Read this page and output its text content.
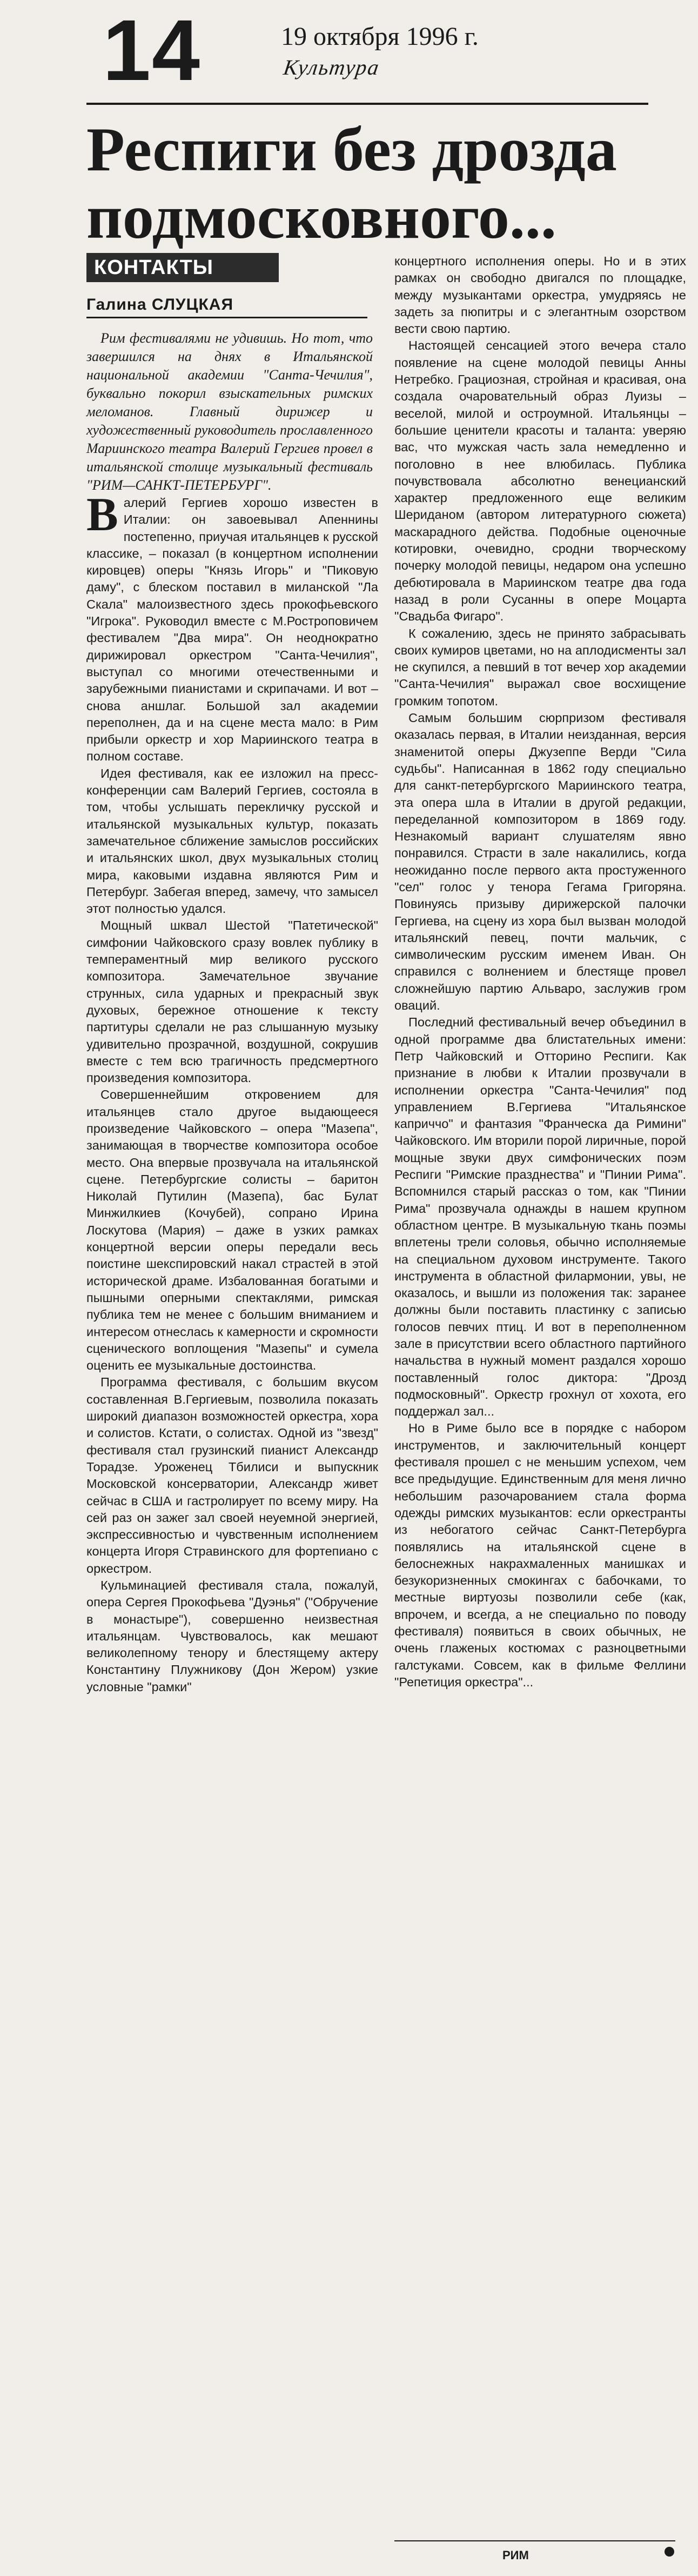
14	19 октября 1996 г.
Культура
Респиги без дрозда подмосковного...
КОНТАКТЫ
Галина СЛУЦКАЯ
Рим фестивалями не удивишь. Но тот, что завершился на днях в Итальянской национальной академии "Санта-Чечилия", буквально покорил взыскательных римских меломанов. Главный дирижер и художественный руководитель прославленного Мариинского театра Валерий Гергиев провел в итальянской столице музыкальный фестиваль "РИМ—САНКТ-ПЕТЕРБУРГ".

Валерий Гергиев хорошо известен в Италии: он завоевывал Апеннины постепенно, приучая итальянцев к русской классике, – показал (в концертном исполнении кировцев) оперы "Князь Игорь" и "Пиковую даму", с блеском поставил в миланской "Ла Скала" малоизвестного здесь прокофьевского "Игрока". Руководил вместе с М.Ростроповичем фестивалем "Два мира". Он неоднократно дирижировал оркестром "Санта-Чечилия", выступал со многими отечественными и зарубежными пианистами и скрипачами. И вот – снова аншлаг. Большой зал академии переполнен, да и на сцене места мало: в Рим прибыли оркестр и хор Мариинского театра в полном составе.

Идея фестиваля, как ее изложил на пресс-конференции сам Валерий Гергиев, состояла в том, чтобы услышать перекличку русской и итальянской музыкальных культур, показать замечательное сближение замыслов российских и итальянских школ, двух музыкальных столиц мира, каковыми издавна являются Рим и Петербург. Забегая вперед, замечу, что замысел этот полностью удался.

Мощный шквал Шестой "Патетической" симфонии Чайковского сразу вовлек публику в темпераментный мир великого русского композитора. Замечательное звучание струнных, сила ударных и прекрасный звук духовых, бережное отношение к тексту партитуры сделали не раз слышанную музыку удивительно прозрачной, воздушной, сокрушив вместе с тем всю трагичность предсмертного произведения композитора.

Совершеннейшим откровением для итальянцев стало другое выдающееся произведение Чайковского – опера "Мазепа", занимающая в творчестве композитора особое место. Она впервые прозвучала на итальянской сцене. Петербургские солисты – баритон Николай Путилин (Мазепа), бас Булат Минжилкиев (Кочубей), сопрано Ирина Лоскутова (Мария) – даже в узких рамках концертной версии оперы передали весь поистине шекспировский накал страстей в этой исторической драме. Избалованная богатыми и пышными оперными спектаклями, римская публика тем не менее с большим вниманием и интересом отнеслась к камерности и скромности сценического воплощения "Мазепы" и сумела оценить ее музыкальные достоинства.

Программа фестиваля, с большим вкусом составленная В.Гергиевым, позволила показать широкий диапазон возможностей оркестра, хора и солистов. Кстати, о солистах. Одной из "звезд" фестиваля стал грузинский пианист Александр Торадзе. Уроженец Тбилиси и выпускник Московской консерватории, Александр живет сейчас в США и гастролирует по всему миру. На сей раз он зажег зал своей неуемной энергией, экспрессивностью и чувственным исполнением концерта Игоря Стравинского для фортепиано с оркестром.

Кульминацией фестиваля стала, пожалуй, опера Сергея Прокофьева "Дуэнья" ("Обручение в монастыре"), совершенно неизвестная итальянцам. Чувствовалось, как мешают великолепному тенору и блестящему актеру Константину Плужникову (Дон Жером) узкие условные "рамки"

концертного исполнения оперы. Но и в этих рамках он свободно двигался по площадке, между музыкантами оркестра, умудряясь не задеть за пюпитры и с элегантным озорством вести свою партию.

Настоящей сенсацией этого вечера стало появление на сцене молодой певицы Анны Нетребко. Грациозная, стройная и красивая, она создала очаровательный образ Луизы – веселой, милой и остроумной. Итальянцы – большие ценители красоты и таланта: уверяю вас, что мужская часть зала немедленно и поголовно в нее влюбилась. Публика почувствовала абсолютно венецианский характер предложенного еще великим Шериданом (автором литературного сюжета) маскарадного действа. Подобные оценочные котировки, очевидно, сродни творческому почерку молодой певицы, недаром она успешно дебютировала в Мариинском театре два года назад в роли Сусанны в опере Моцарта "Свадьба Фигаро".

К сожалению, здесь не принято забрасывать своих кумиров цветами, но на аплодисменты зал не скупился, а певший в тот вечер хор академии "Санта-Чечилия" выражал свое восхищение громким топотом.

Самым большим сюрпризом фестиваля оказалась первая, в Италии неизданная, версия знаменитой оперы Джузеппе Верди "Сила судьбы". Написанная в 1862 году специально для санкт-петербургского Мариинского театра, эта опера шла в Италии в другой редакции, переделанной композитором в 1869 году. Незнакомый вариант слушателям явно понравился. Страсти в зале накалились, когда неожиданно после первого акта простуженного "сел" голос у тенора Гегама Григоряна. Повинуясь призыву дирижерской палочки Гергиева, на сцену из хора был вызван молодой итальянский певец, почти мальчик, с символическим русским именем Иван. Он справился с волнением и блестяще провел сложнейшую партию Альваро, заслужив гром оваций.

Последний фестивальный вечер объединил в одной программе два блистательных имени: Петр Чайковский и Отторино Респиги. Как признание в любви к Италии прозвучали в исполнении оркестра "Санта-Чечилия" под управлением В.Гергиева "Итальянское каприччо" и фантазия "Франческа да Римини" Чайковского. Им вторили порой лиричные, порой мощные звуки двух симфонических поэм Респиги "Римские празднества" и "Пинии Рима". Вспомнился старый рассказ о том, как "Пинии Рима" прозвучала однажды в нашем крупном областном центре. В музыкальную ткань поэмы вплетены трели соловья, обычно исполняемые на специальном духовом инструменте. Такого инструмента в областной филармонии, увы, не оказалось, и вышли из положения так: заранее должны были поставить пластинку с записью голосов певчих птиц. И вот в переполненном зале в присутствии всего областного партийного начальства в нужный момент раздался хорошо поставленный голос диктора: "Дрозд подмосковный". Оркестр грохнул от хохота, его поддержал зал...

Но в Риме было все в порядке с набором инструментов, и заключительный концерт фестиваля прошел с не меньшим успехом, чем все предыдущие. Единственным для меня лично небольшим разочарованием стала форма одежды римских музыкантов: если оркестранты из небогатого сейчас Санкт-Петербурга появлялись на итальянской сцене в белоснежных накрахмаленных манишках и безукоризненных смокингах с бабочками, то местные виртуозы позволили себе (как, впрочем, и всегда, а не специально по поводу фестиваля) появиться в своих обычных, не очень глаженых костюмах с разноцветными галстуками. Совсем, как в фильме Феллини "Репетиция оркестра"...

РИМ
